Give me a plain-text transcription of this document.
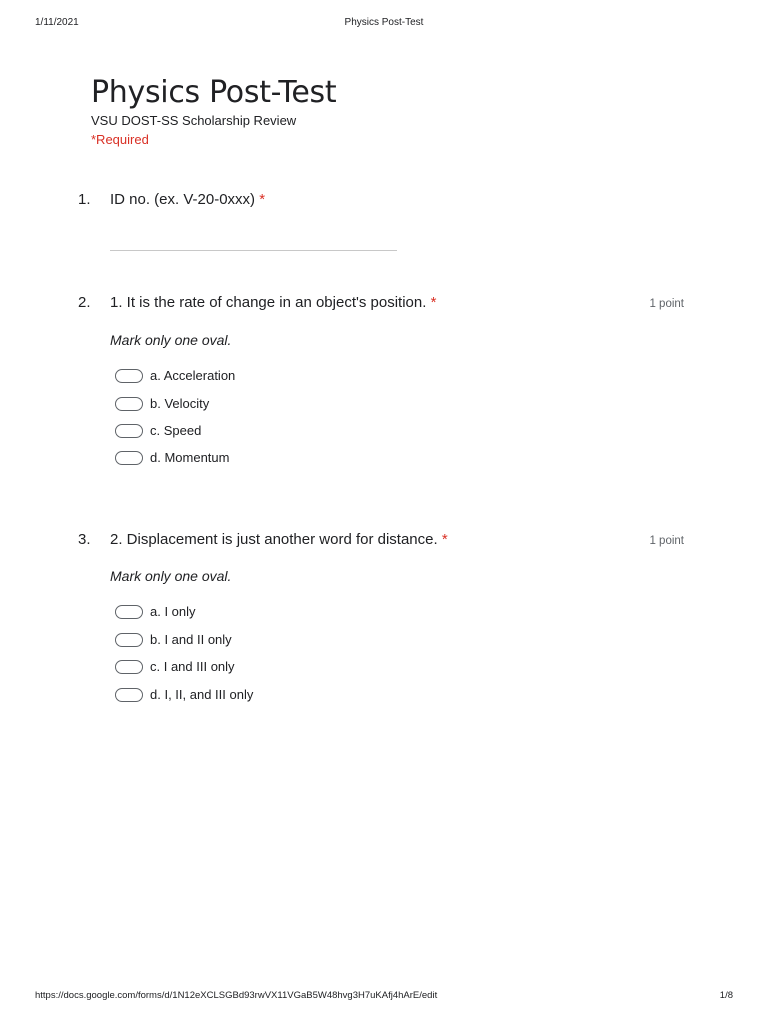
1/11/2021	Physics Post-Test
Physics Post-Test
VSU DOST-SS Scholarship Review
*Required
1. ID no. (ex. V-20-0xxx) *
2. 1. It is the rate of change in an object's position. *	1 point
Mark only one oval.
a. Acceleration
b. Velocity
c. Speed
d. Momentum
3. 2. Displacement is just another word for distance. *	1 point
Mark only one oval.
a. I only
b. I and II only
c. I and III only
d. I, II, and III only
https://docs.google.com/forms/d/1N12eXCLSGBd93rwVX11VGaB5W48hvg3H7uKAfj4hArE/edit	1/8
